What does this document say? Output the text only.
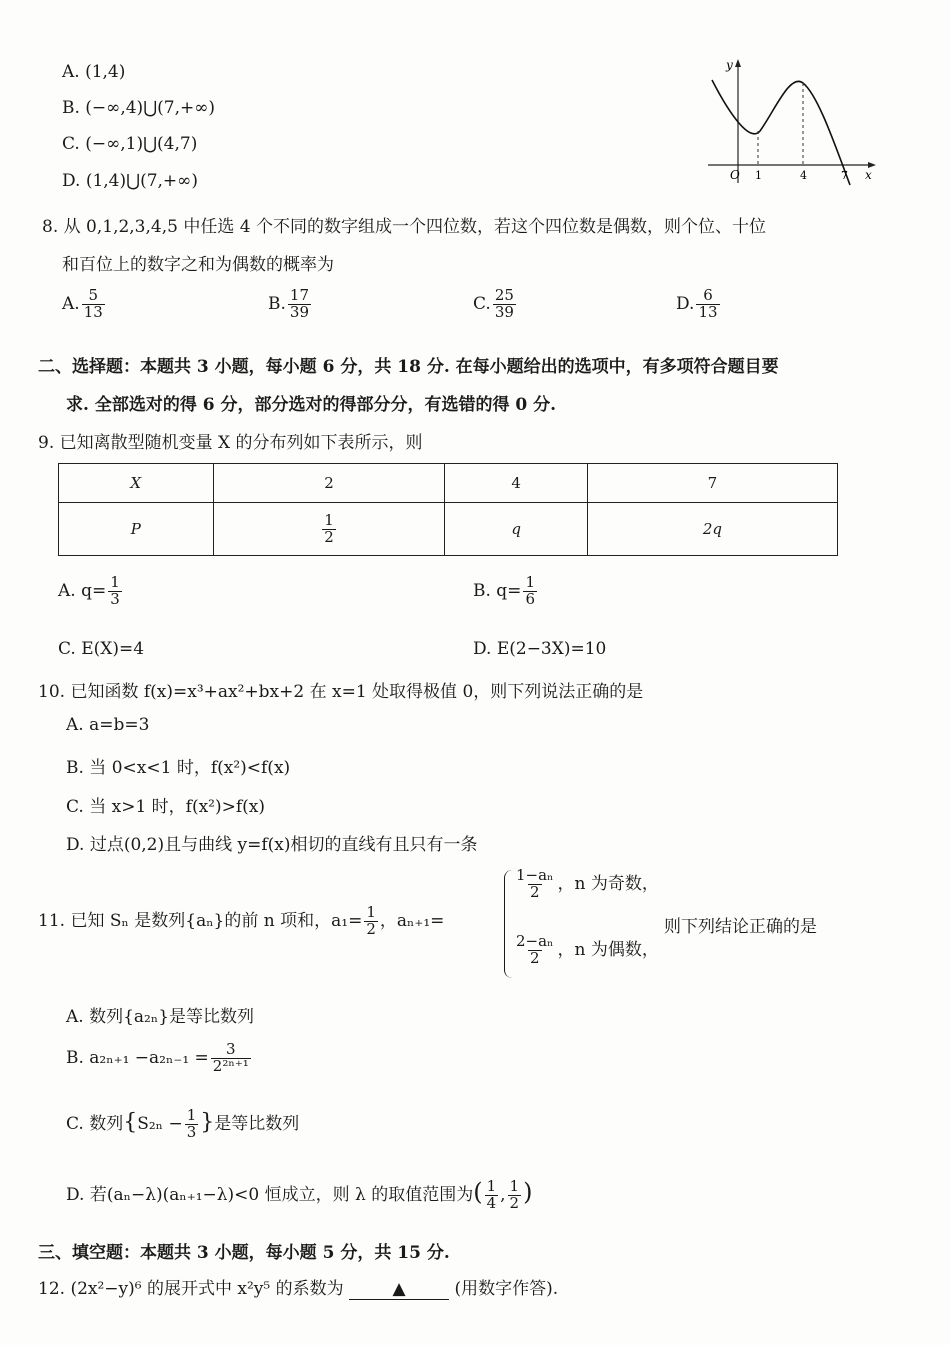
A. (1,4)
B. (−∞,4)⋃(7,+∞)
C. (−∞,1)⋃(4,7)
D. (1,4)⋃(7,+∞)
y
x
O 1	4	7
8. 从 0,1,2,3,4,5 中任选 4 个不同的数字组成一个四位数，若这个四位数是偶数，则个位、十位
和百位上的数字之和为偶数的概率为
A. $\frac{5}{13}$	B. $\frac{17}{39}$	C. $\frac{25}{39}$	D. $\frac{6}{13}$
二、选择题：本题共 3 小题，每小题 6 分，共 18 分. 在每小题给出的选项中，有多项符合题目要
求. 全部选对的得 6 分，部分选对的得部分分，有选错的得 0 分.
9. 已知离散型随机变量 X 的分布列如下表所示，则
X	2	4	7
P	$\frac{1}{2}$	q	2q
A. $q= \frac{1}{3}$	B. $q= \frac{1}{6}$
C. E(X)=4	D. E(2−3X)=10
10. 已知函数 f(x)=x³+ax²+bx+2 在 x=1 处取得极值 0，则下列说法正确的是
A. a=b=3
B. 当 0<x<1 时，f(x²)<f(x)
C. 当 x>1 时，f(x²)>f(x)
D. 过点(0,2)且与曲线 y=f(x)相切的直线有且只有一条
11. 已知 Sₙ 是数列{aₙ}的前 n 项和，$a_1= \frac{1}{2}$ ，aₙ₊₁=
$\frac{\text{1−aₙ}}{2}$ ，n 为奇数，
$\frac{\text{2−aₙ}}{2}$ ，n 为偶数，
则下列结论正确的是
A. 数列{a₂ₙ}是等比数列
B. $a_{2n+1} -a_{2n-1} = \frac{3}{\text{2²ⁿ⁺¹}}$
C. 数列{$S_{2n} - \frac{1}{3}$ }是等比数列
D. 若(aₙ−λ)(aₙ₊₁−λ)<0 恒成立，则 λ 的取值范围为( $\frac{1}{4}$ , $\frac{1}{2}$ )
三、填空题：本题共 3 小题，每小题 5 分，共 15 分.
12. (2x²−y)⁶ 的展开式中 x²y⁵ 的系数为	▲	(用数字作答).
